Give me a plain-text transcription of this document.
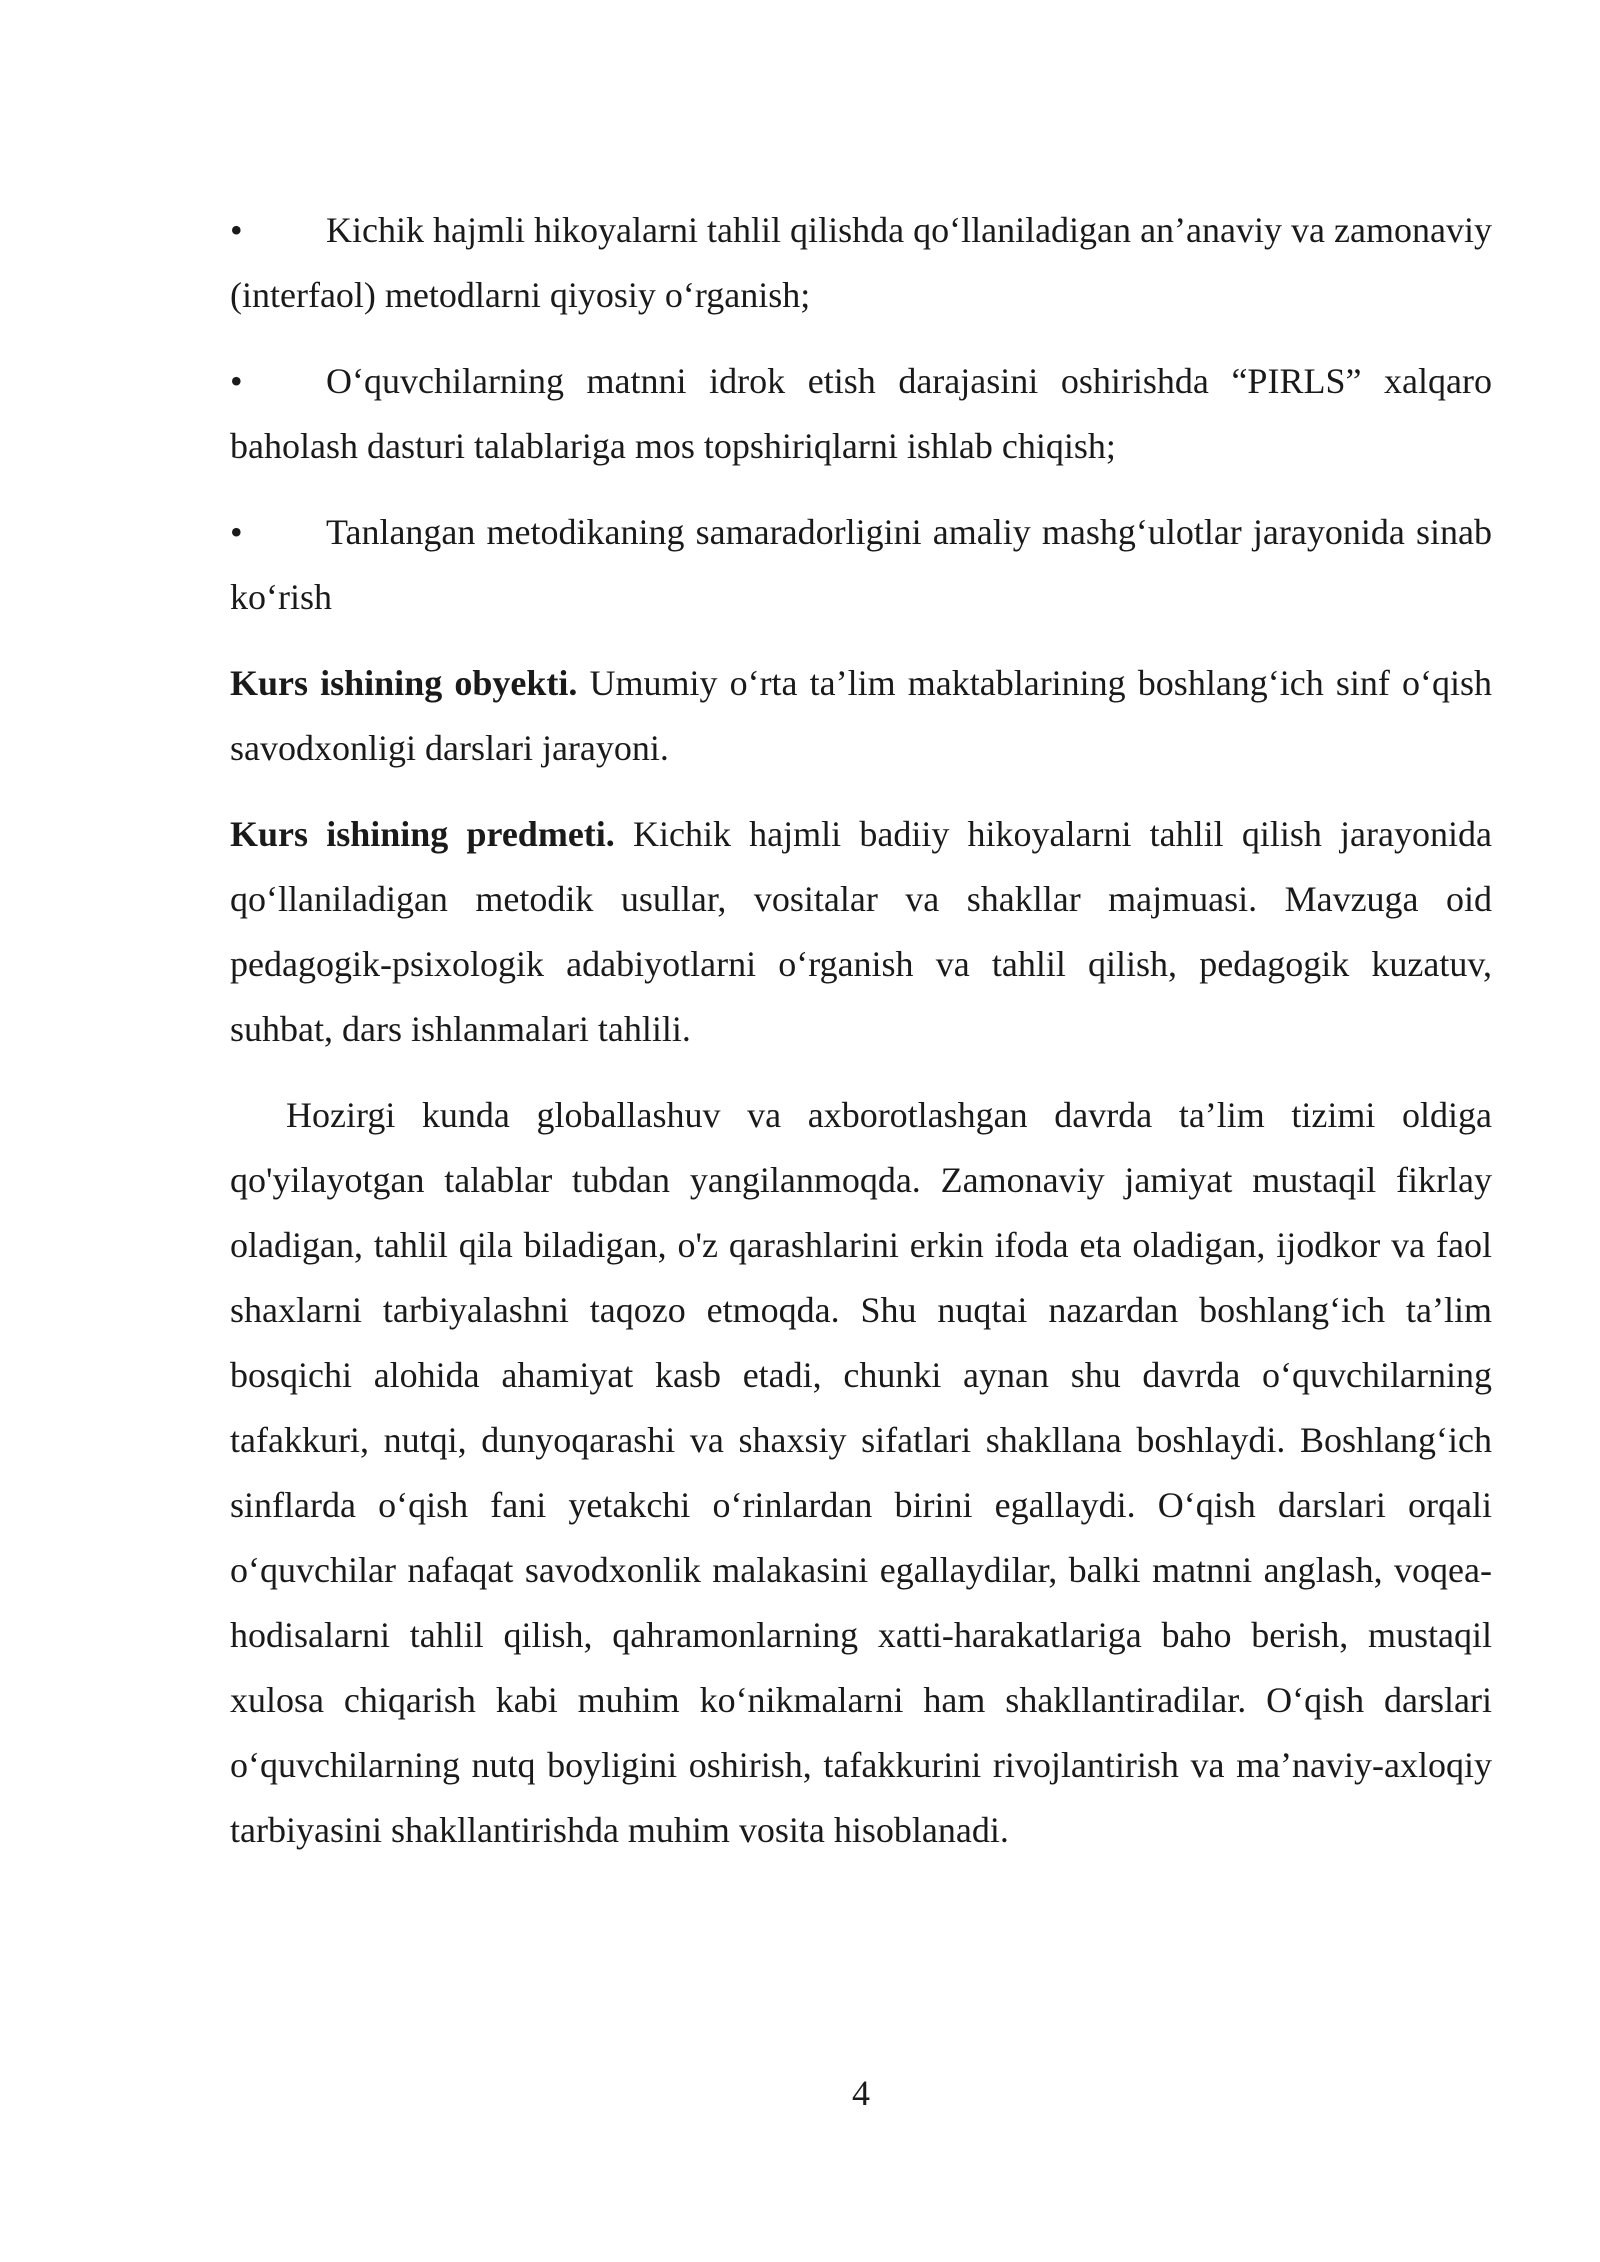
• Kichik hajmli hikoyalarni tahlil qilishda qo‘llaniladigan an’anaviy va zamonaviy (interfaol) metodlarni qiyosiy o‘rganish;

• O‘quvchilarning matnni idrok etish darajasini oshirishda “PIRLS” xalqaro baholash dasturi talablariga mos topshiriqlarni ishlab chiqish;

• Tanlangan metodikaning samaradorligini amaliy mashg‘ulotlar jarayonida sinab ko‘rish

Kurs ishining obyekti. Umumiy o‘rta ta’lim maktablarining boshlang‘ich sinf o‘qish savodxonligi darslari jarayoni.

Kurs ishining predmeti. Kichik hajmli badiiy hikoyalarni tahlil qilish jarayonida qo‘llaniladigan metodik usullar, vositalar va shakllar majmuasi. Mavzuga oid pedagogik-psixologik adabiyotlarni o‘rganish va tahlil qilish, pedagogik kuzatuv, suhbat, dars ishlanmalari tahlili.

Hozirgi kunda globallashuv va axborotlashgan davrda ta’lim tizimi oldiga qo'yilayotgan talablar tubdan yangilanmoqda. Zamonaviy jamiyat mustaqil fikrlay oladigan, tahlil qila biladigan, o'z qarashlarini erkin ifoda eta oladigan, ijodkor va faol shaxlarni tarbiyalashni taqozo etmoqda. Shu nuqtai nazardan boshlang‘ich ta’lim bosqichi alohida ahamiyat kasb etadi, chunki aynan shu davrda o‘quvchilarning tafakkuri, nutqi, dunyoqarashi va shaxsiy sifatlari shakllana boshlaydi. Boshlang‘ich sinflarda o‘qish fani yetakchi o‘rinlardan birini egallaydi. O‘qish darslari orqali o‘quvchilar nafaqat savodxonlik malakasini egallaydilar, balki matnni anglash, voqea-hodisalarni tahlil qilish, qahramonlarning xatti-harakatlariga baho berish, mustaqil xulosa chiqarish kabi muhim ko‘nikmalarni ham shakllantiradilar. O‘qish darslari o‘quvchilarning nutq boyligini oshirish, tafakkurini rivojlantirish va ma’naviy-axloqiy tarbiyasini shakllantirishda muhim vosita hisoblanadi.

4
